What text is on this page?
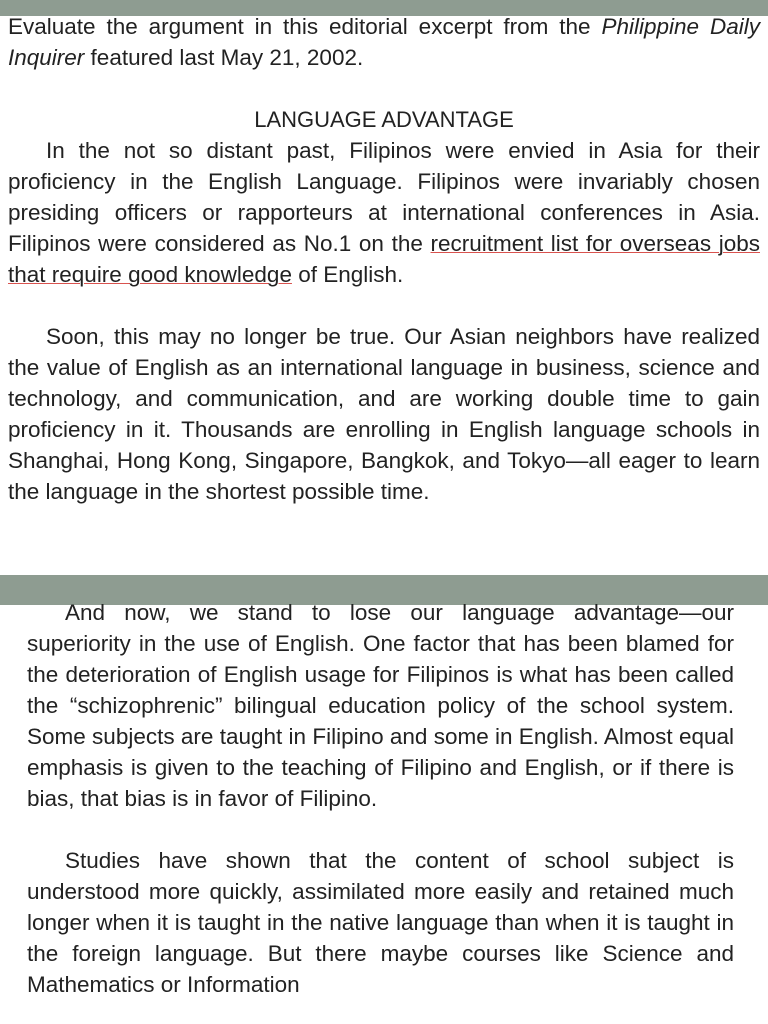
Evaluate the argument in this editorial excerpt from the Philippine Daily Inquirer featured last May 21, 2002.

LANGUAGE ADVANTAGE

In the not so distant past, Filipinos were envied in Asia for their proficiency in the English Language. Filipinos were invariably chosen presiding officers or rapporteurs at international conferences in Asia. Filipinos were considered as No.1 on the recruitment list for overseas jobs that require good knowledge of English.

Soon, this may no longer be true. Our Asian neighbors have realized the value of English as an international language in business, science and technology, and communication, and are working double time to gain proficiency in it. Thousands are enrolling in English language schools in Shanghai, Hong Kong, Singapore, Bangkok, and Tokyo—all eager to learn the language in the shortest possible time.

And now, we stand to lose our language advantage—our superiority in the use of English. One factor that has been blamed for the deterioration of English usage for Filipinos is what has been called the “schizophrenic” bilingual education policy of the school system. Some subjects are taught in Filipino and some in English. Almost equal emphasis is given to the teaching of Filipino and English, or if there is bias, that bias is in favor of Filipino.

Studies have shown that the content of school subject is understood more quickly, assimilated more easily and retained much longer when it is taught in the native language than when it is taught in the foreign language. But there maybe courses like Science and Mathematics or Information
